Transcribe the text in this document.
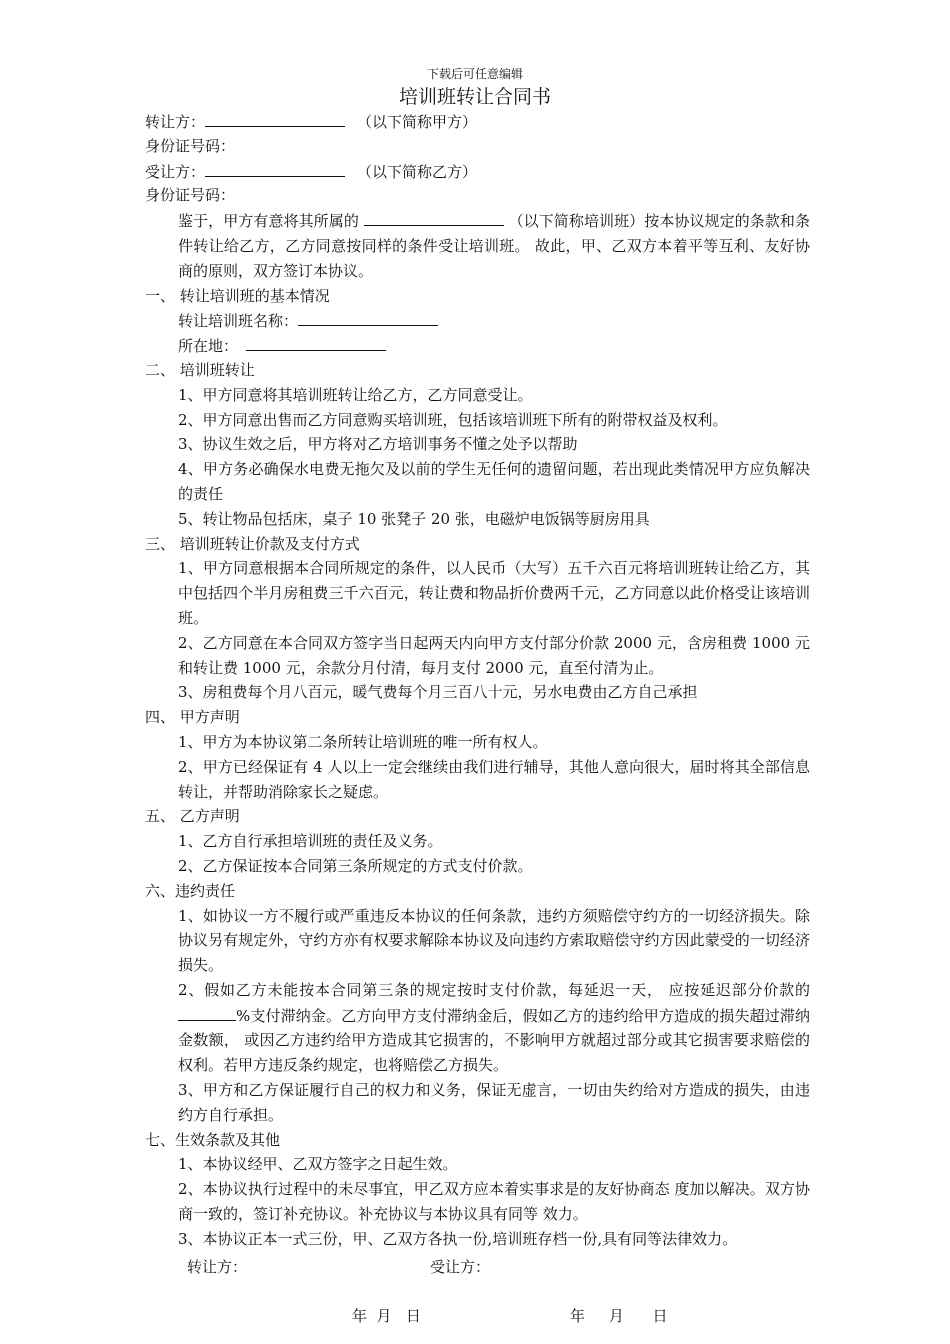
下载后可任意编辑
培训班转让合同书
转让方：	（以下简称甲方）
身份证号码：
受让方：	（以下简称乙方）
身份证号码：
鉴于，甲方有意将其所属的	（以下简称培训班）按本协议规定的条款和条件转让给乙方，乙方同意按同样的条件受让培训班。 故此，甲、乙双方本着平等互利、友好协商的原则，双方签订本协议。
一、 转让培训班的基本情况
转让培训班名称：
所在地：
二、 培训班转让
1、甲方同意将其培训班转让给乙方，乙方同意受让。
2、甲方同意出售而乙方同意购买培训班，包括该培训班下所有的附带权益及权利。
3、协议生效之后，甲方将对乙方培训事务不懂之处予以帮助
4、甲方务必确保水电费无拖欠及以前的学生无任何的遗留问题，若出现此类情况甲方应负解决的责任
5、转让物品包括床，桌子 10 张凳子 20 张，电磁炉电饭锅等厨房用具
三、 培训班转让价款及支付方式
1、甲方同意根据本合同所规定的条件，以人民币（大写）五千六百元将培训班转让给乙方，其中包括四个半月房租费三千六百元，转让费和物品折价费两千元，乙方同意以此价格受让该培训班。
2、乙方同意在本合同双方签字当日起两天内向甲方支付部分价款 2000 元，含房租费 1000 元和转让费 1000 元，余款分月付清，每月支付 2000 元，直至付清为止。
3、房租费每个月八百元，暖气费每个月三百八十元，另水电费由乙方自己承担
四、 甲方声明
1、甲方为本协议第二条所转让培训班的唯一所有权人。
2、甲方已经保证有 4 人以上一定会继续由我们进行辅导，其他人意向很大，届时将其全部信息转让，并帮助消除家长之疑虑。
五、 乙方声明
1、乙方自行承担培训班的责任及义务。
2、乙方保证按本合同第三条所规定的方式支付价款。
六、违约责任
1、如协议一方不履行或严重违反本协议的任何条款，违约方须赔偿守约方的一切经济损失。除协议另有规定外，守约方亦有权要求解除本协议及向违约方索取赔偿守约方因此蒙受的一切经济损失。
2、假如乙方未能按本合同第三条的规定按时支付价款，每延迟一天， 应按延迟部分价款的 %支付滞纳金。乙方向甲方支付滞纳金后，假如乙方的违约给甲方造成的损失超过滞纳金数额， 或因乙方违约给甲方造成其它损害的，不影响甲方就超过部分或其它损害要求赔偿的权利。若甲方违反条约规定，也将赔偿乙方损失。
3、甲方和乙方保证履行自己的权力和义务，保证无虚言，一切由失约给对方造成的损失，由违约方自行承担。
七、生效条款及其他
1、本协议经甲、乙双方签字之日起生效。
2、本协议执行过程中的未尽事宜，甲乙双方应本着实事求是的友好协商态 度加以解决。双方协商一致的，签订补充协议。补充协议与本协议具有同等 效力。
3、本协议正本一式三份，甲、乙双方各执一份,培训班存档一份,具有同等法律效力。
转让方：	受让方：
年  月   日	年     月      日
